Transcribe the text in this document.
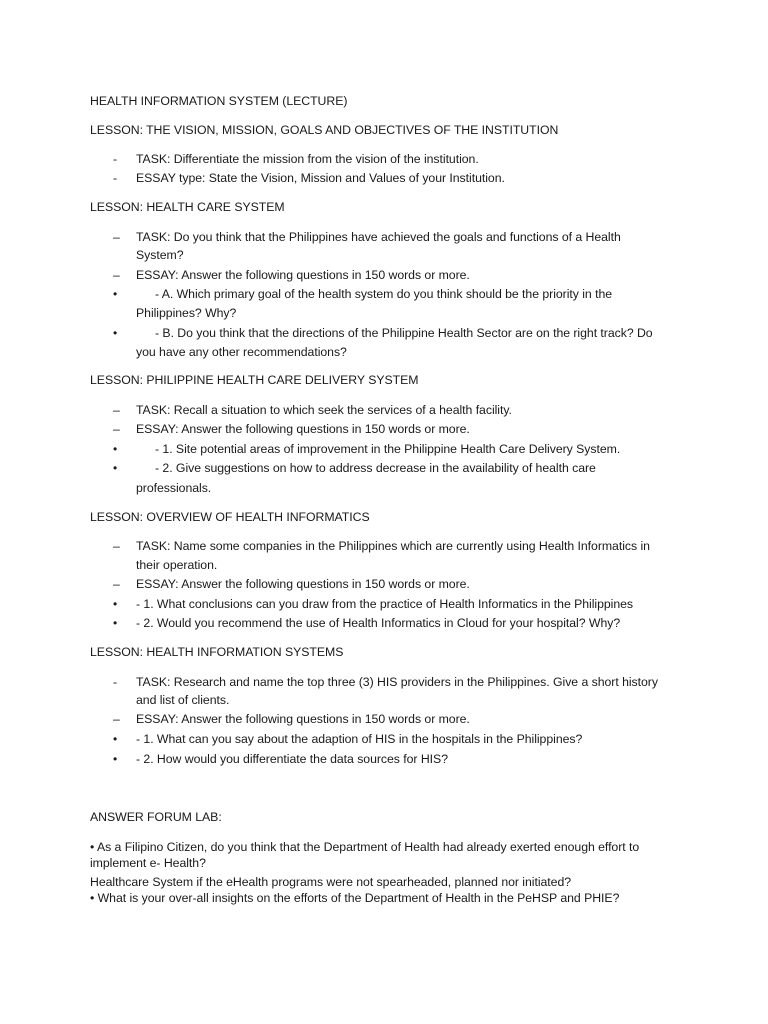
HEALTH INFORMATION SYSTEM (LECTURE)
LESSON: THE VISION, MISSION, GOALS AND OBJECTIVES OF THE INSTITUTION
- TASK: Differentiate the mission from the vision of the institution.
- ESSAY type: State the Vision, Mission and Values of your Institution.
LESSON: HEALTH CARE SYSTEM
– TASK: Do you think that the Philippines have achieved the goals and functions of a Health
System?
– ESSAY: Answer the following questions in 150 words or more.
•	- A. Which primary goal of the health system do you think should be the priority in the
Philippines? Why?
•	- B. Do you think that the directions of the Philippine Health Sector are on the right track? Do
you have any other recommendations?
LESSON: PHILIPPINE HEALTH CARE DELIVERY SYSTEM
– TASK: Recall a situation to which seek the services of a health facility.
– ESSAY: Answer the following questions in 150 words or more.
•	- 1. Site potential areas of improvement in the Philippine Health Care Delivery System.
•	- 2. Give suggestions on how to address decrease in the availability of health care
professionals.
LESSON: OVERVIEW OF HEALTH INFORMATICS
– TASK: Name some companies in the Philippines which are currently using Health Informatics in
their operation.
– ESSAY: Answer the following questions in 150 words or more.
• - 1. What conclusions can you draw from the practice of Health Informatics in the Philippines
• - 2. Would you recommend the use of Health Informatics in Cloud for your hospital? Why?
LESSON: HEALTH INFORMATION SYSTEMS
- TASK: Research and name the top three (3) HIS providers in the Philippines. Give a short history
and list of clients.
– ESSAY: Answer the following questions in 150 words or more.
• - 1. What can you say about the adaption of HIS in the hospitals in the Philippines?
• - 2. How would you differentiate the data sources for HIS?
ANSWER FORUM LAB:
• As a Filipino Citizen, do you think that the Department of Health had already exerted enough effort to
implement e- Health?
Healthcare System if the eHealth programs were not spearheaded, planned nor initiated?
• What is your over-all insights on the efforts of the Department of Health in the PeHSP and PHIE?
